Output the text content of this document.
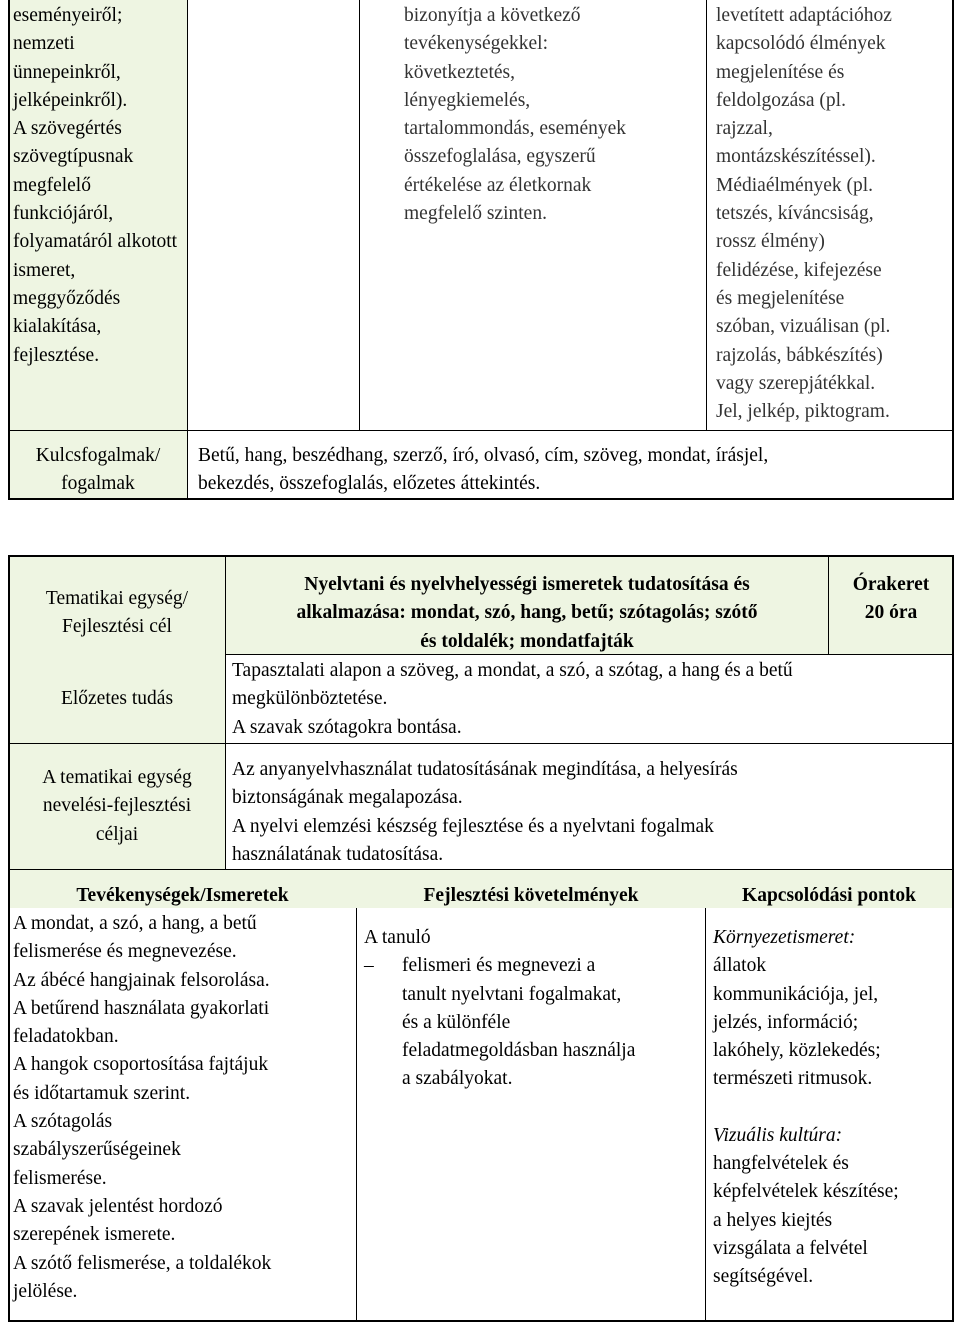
eseményeiről; nemzeti
ünnepeinkről, jelképeinkről).
A szövegértés szövegtípusnak
megfelelő funkciójáról,
folyamatáról alkotott ismeret,
meggyőződés kialakítása,
fejlesztése.
bizonyítja a következő
tevékenységekkel:
következtetés,
lényegkiemelés,
tartalommondás, események
összefoglalása, egyszerű
értékelése az életkornak
megfelelő szinten.
levetített adaptációhoz
kapcsolódó élmények
megjelenítése és
feldolgozása (pl.
rajzzal,
montázskészítéssel).
Médiaélmények (pl.
tetszés, kíváncsiság,
rossz élmény)
felidézése, kifejezése
és megjelenítése
szóban, vizuálisan (pl.
rajzolás, bábkészítés)
vagy szerepjátékkal.
Jel, jelkép, piktogram.
Kulcsfogalmak/
fogalmak
Betű, hang, beszédhang, szerző, író, olvasó, cím, szöveg, mondat, írásjel,
bekezdés, összefoglalás, előzetes áttekintés.
Tematikai egység/
Fejlesztési cél
Nyelvtani és nyelvhelyességi ismeretek tudatosítása és
alkalmazása: mondat, szó, hang, betű; szótagolás; szótő
és toldalék; mondatfajták
Órakeret
20 óra
Előzetes tudás
Tapasztalati alapon a szöveg, a mondat, a szó, a szótag, a hang és a betű
megkülönböztetése.
A szavak szótagokra bontása.
A tematikai egység
nevelési-fejlesztési
céljai
Az anyanyelvhasználat tudatosításának megindítása, a helyesírás
biztonságának megalapozása.
A nyelvi elemzési készség fejlesztése és a nyelvtani fogalmak
használatának tudatosítása.
Tevékenységek/Ismeretek	Fejlesztési követelmények	Kapcsolódási pontok
A mondat, a szó, a hang, a betű
felismerése és megnevezése.
Az ábécé hangjainak felsorolása.
A betűrend használata gyakorlati
feladatokban.
A hangok csoportosítása fajtájuk
és időtartamuk szerint.
A szótagolás
szabályszerűségeinek
felismerése.
A szavak jelentést hordozó
szerepének ismerete.
A szótő felismerése, a toldalékok
jelölése.
A tanuló
– felismeri és megnevezi a
tanult nyelvtani fogalmakat,
és a különféle
feladatmegoldásban használja
a szabályokat.
Környezetismeret:
állatok
kommunikációja, jel,
jelzés, információ;
lakóhely, közlekedés;
természeti ritmusok.
Vizuális kultúra:
hangfelvételek és
képfelvételek készítése;
a helyes kiejtés
vizsgálata a felvétel
segítségével.
